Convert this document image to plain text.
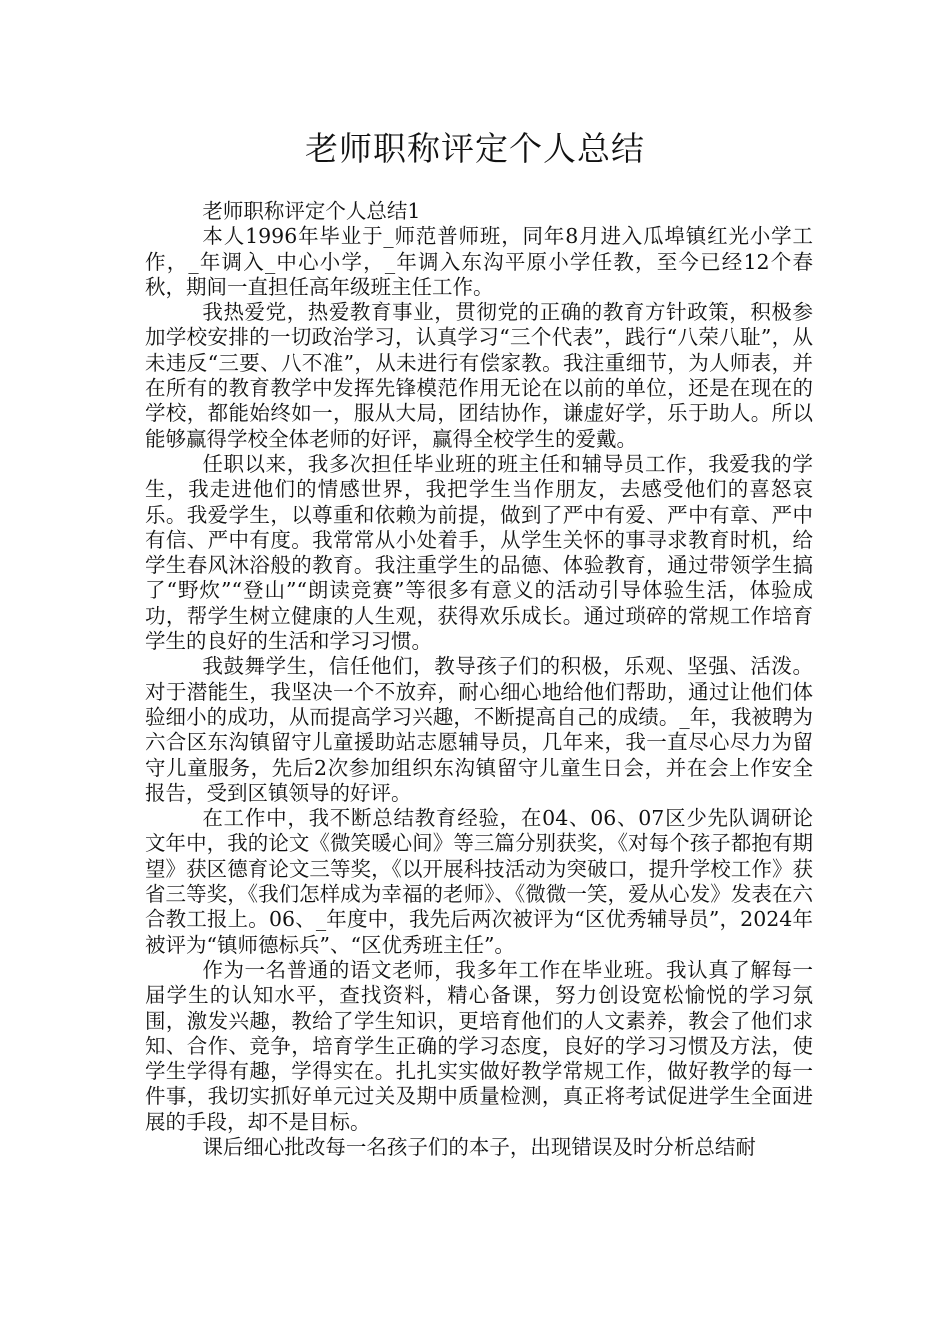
老师职称评定个人总结

老师职称评定个人总结1

本人1996年毕业于_师范普师班，同年8月进入瓜埠镇红光小学工作，_年调入_中心小学，_年调入东沟平原小学任教，至今已经12个春秋，期间一直担任高年级班主任工作。

我热爱党，热爱教育事业，贯彻党的正确的教育方针政策，积极参加学校安排的一切政治学习，认真学习“三个代表”，践行“八荣八耻”，从未违反“三要、八不准”，从未进行有偿家教。我注重细节，为人师表，并在所有的教育教学中发挥先锋模范作用无论在以前的单位，还是在现在的学校，都能始终如一，服从大局，团结协作，谦虚好学，乐于助人。所以能够赢得学校全体老师的好评，赢得全校学生的爱戴。

任职以来，我多次担任毕业班的班主任和辅导员工作，我爱我的学生，我走进他们的情感世界，我把学生当作朋友，去感受他们的喜怒哀乐。我爱学生，以尊重和依赖为前提，做到了严中有爱、严中有章、严中有信、严中有度。我常常从小处着手，从学生关怀的事寻求教育时机，给学生春风沐浴般的教育。我注重学生的品德、体验教育，通过带领学生搞了“野炊”“登山”“朗读竞赛”等很多有意义的活动引导体验生活，体验成功，帮学生树立健康的人生观，获得欢乐成长。通过琐碎的常规工作培育学生的良好的生活和学习习惯。

我鼓舞学生，信任他们，教导孩子们的积极，乐观、坚强、活泼。对于潜能生，我坚决一个不放弃，耐心细心地给他们帮助，通过让他们体验细小的成功，从而提高学习兴趣，不断提高自己的成绩。_年，我被聘为六合区东沟镇留守儿童援助站志愿辅导员，几年来，我一直尽心尽力为留守儿童服务，先后2次参加组织东沟镇留守儿童生日会，并在会上作安全报告，受到区镇领导的好评。

在工作中，我不断总结教育经验，在04、06、07区少先队调研论文年中，我的论文《微笑暖心间》等三篇分别获奖，《对每个孩子都抱有期望》获区德育论文三等奖，《以开展科技活动为突破口，提升学校工作》获省三等奖，《我们怎样成为幸福的老师》、《微微一笑，爱从心发》发表在六合教工报上。06、_年度中，我先后两次被评为“区优秀辅导员”，2024年被评为“镇师德标兵”、“区优秀班主任”。

作为一名普通的语文老师，我多年工作在毕业班。我认真了解每一届学生的认知水平，查找资料，精心备课，努力创设宽松愉悦的学习氛围，激发兴趣，教给了学生知识，更培育他们的人文素养，教会了他们求知、合作、竞争，培育学生正确的学习态度，良好的学习习惯及方法，使学生学得有趣，学得实在。扎扎实实做好教学常规工作，做好教学的每一件事，我切实抓好单元过关及期中质量检测，真正将考试促进学生全面进展的手段，却不是目标。

课后细心批改每一名孩子们的本子，出现错误及时分析总结耐
